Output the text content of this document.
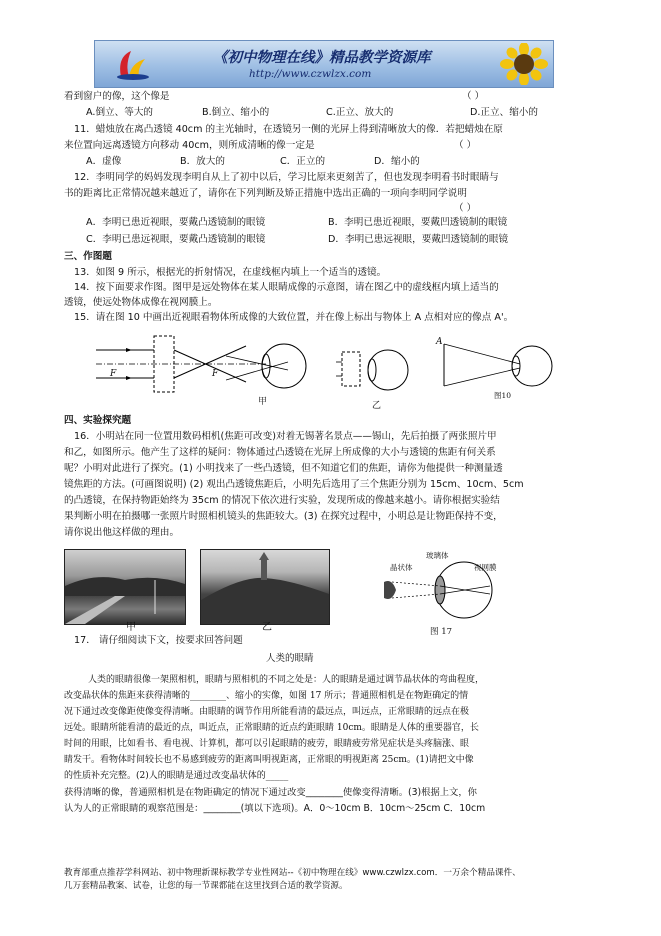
《初中物理在线》精品教学资源库
http://www.czwlzx.com
看到窗户的像，这个像是	（ ）
A.倒立、等大的	B.倒立、缩小的	C.正立、放大的	D.正立、缩小的
11．蜡烛放在离凸透镜 40cm 的主光轴时，在透镜另一侧的光屏上得到清晰放大的像．若把蜡烛在原
来位置向远离透镜方向移动 40cm，则所成清晰的像一定是	（ ）
A．虚像	B．放大的	C．正立的	D．缩小的
12．李明同学的妈妈发现李明自从上了初中以后，学习比原来更刻苦了，但也发现李明看书时眼睛与
书的距离比正常情况越来越近了，请你在下列判断及矫正措施中选出正确的一项向李明同学说明
（ ）
A．李明已患近视眼，要戴凸透镜制的眼镜	B．李明已患近视眼，要戴凹透镜制的眼镜
C．李明已患远视眼，要戴凸透镜制的眼镜	D．李明已患远视眼，要戴凹透镜制的眼镜
三、作图题
13．如图 9 所示，根据光的折射情况，在虚线框内填上一个适当的透镜。
14．按下面要求作图。图甲是远处物体在某人眼睛成像的示意图，请在图乙中的虚线框内填上适当的
透镜，使远处物体成像在视网膜上。
15．请在图 10 中画出近视眼看物体所成像的大致位置，并在像上标出与物体上 A 点相对应的像点 A'。
F	F
甲	乙
A
图10
四、实验探究题
16．小明站在同一位置用数码相机(焦距可改变)对着无锡著名景点——锡山，先后拍摄了两张照片甲
和乙，如图所示。他产生了这样的疑问：物体通过凸透镜在光屏上所成像的大小与透镜的焦距有何关系
呢？小明对此进行了探究。(1) 小明找来了一些凸透镜，但不知道它们的焦距，请你为他提供一种测量透
镜焦距的方法。(可画图说明) (2) 观出凸透镜焦距后，小明先后选用了三个焦距分别为 15cm、10cm、5cm
的凸透镜，在保持物距始终为 35cm 的情况下依次进行实验，发现所成的像越来越小。请你根据实验结
果判断小明在拍摄哪一张照片时照相机镜头的焦距较大。(3) 在探究过程中，小明总是让物距保持不变，
请你说出他这样做的理由。
甲	乙
晶状体
玻璃体
视网膜
图 17
17． 请仔细阅读下文，按要求回答问题
人类的眼睛
人类的眼睛很像一架照相机，眼睛与照相机的不同之处是：人的眼睛是通过调节晶状体的弯曲程度，
改变晶状体的焦距来获得清晰的________、缩小的实像，如图 17 所示；普通照相机是在物距确定的情
况下通过改变像距使像变得清晰。由眼睛的调节作用所能看清的最远点，叫远点，正常眼睛的远点在极
远处。眼睛所能看清的最近的点，叫近点，正常眼睛的近点约距眼睛 10cm。眼睛是人体的重要器官，长
时间的用眼，比如看书、看电视、计算机，都可以引起眼睛的疲劳，眼睛疲劳常见症状是头疼脑涨、眼
睛发干。看物体时间较长也不易感到疲劳的距离叫明视距离，正常眼的明视距离 25cm。(1)请把文中像
的性质补充完整。(2)人的眼睛是通过改变晶状体的_____
获得清晰的像，普通照相机是在物距确定的情况下通过改变________使像变得清晰。(3)根据上文，你
认为人的正常眼睛的观察范围是：________(填以下选项)。A．0～10cm B．10cm～25cm C．10cm
教育部重点推荐学科网站、初中物理新课标教学专业性网站--《初中物理在线》www.czwlzx.com．一万余个精品课件、
几万套精品教案、试卷，让您的每一节课都能在这里找到合适的教学资源。
